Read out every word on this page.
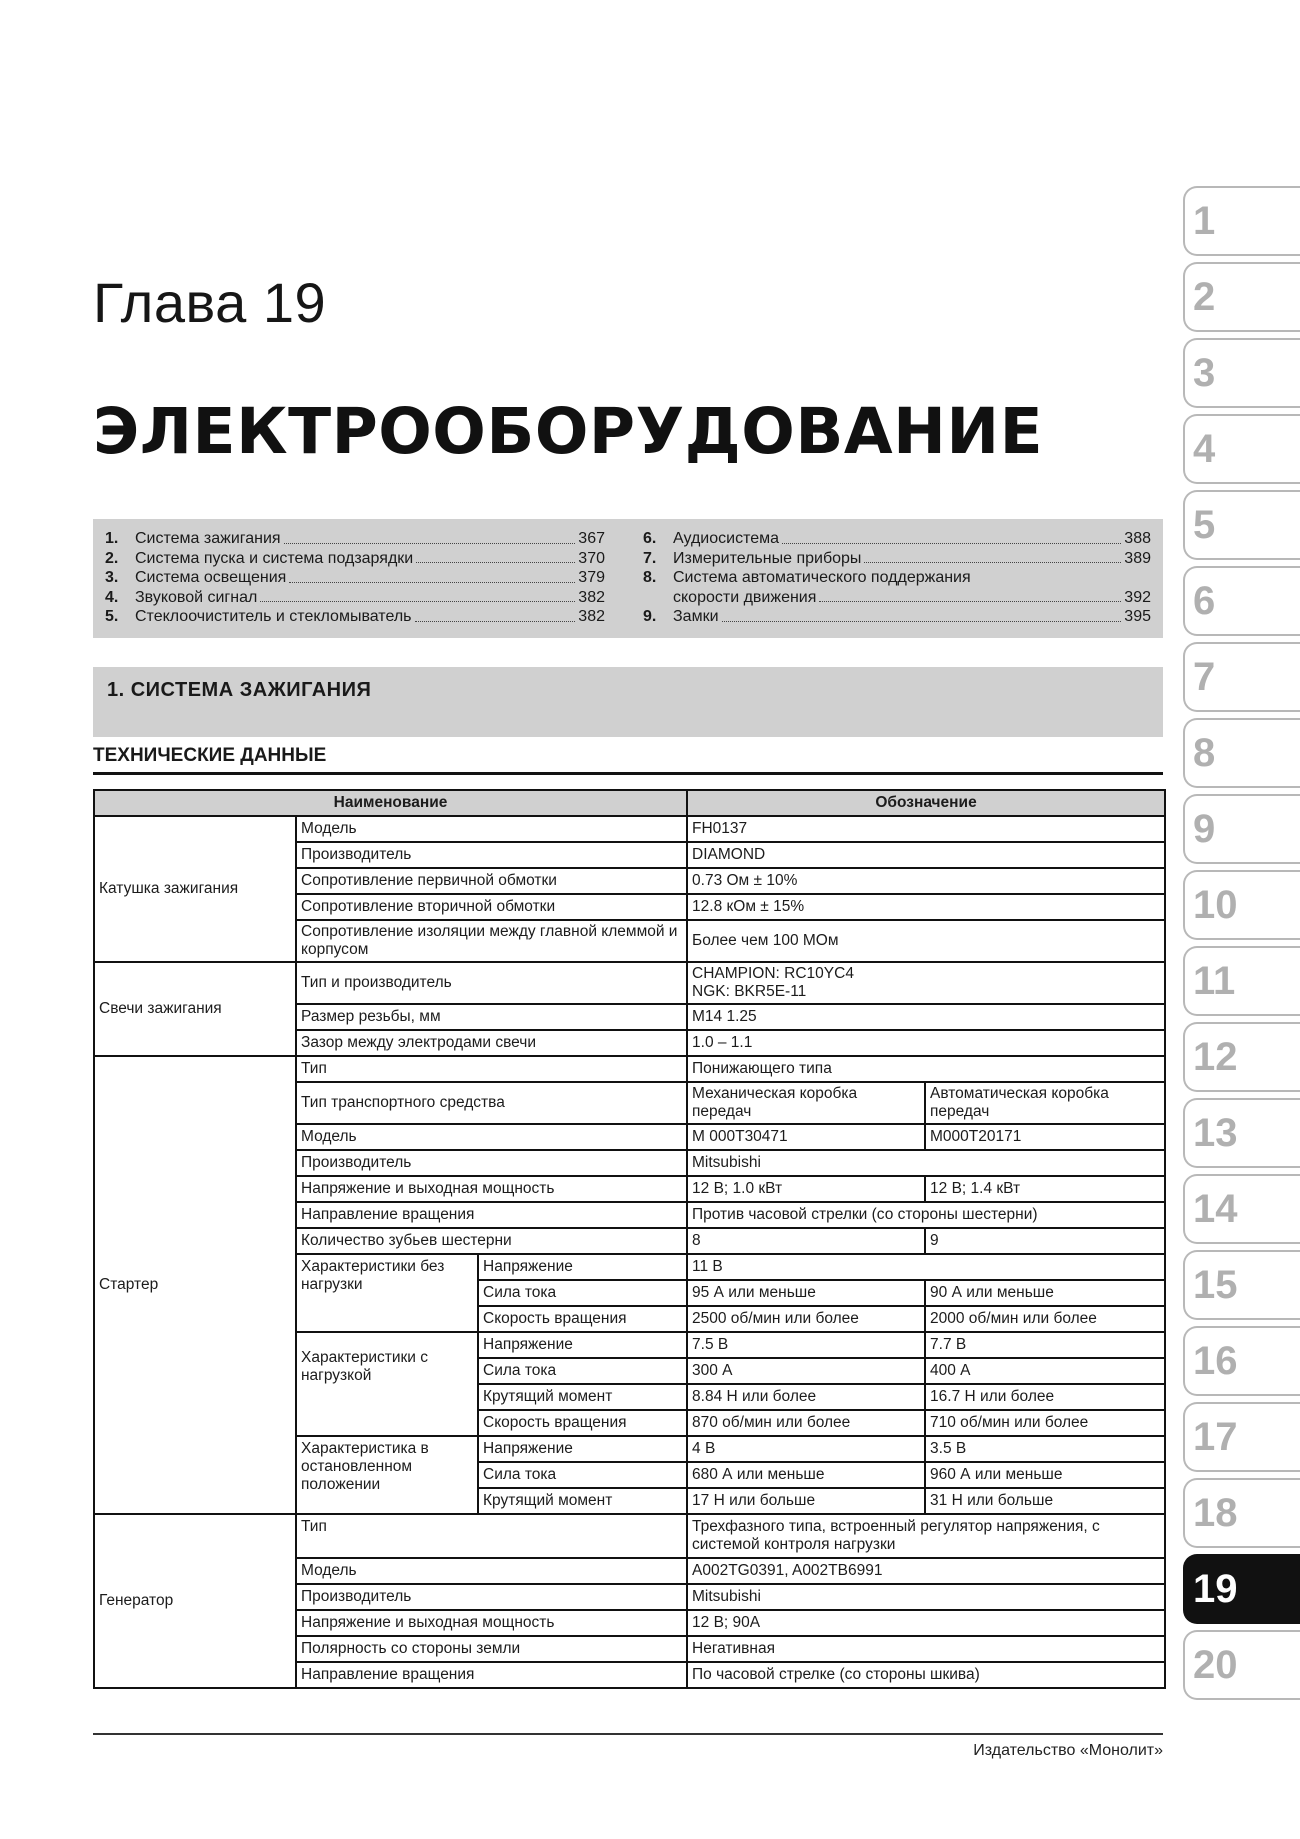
Глава 19
ЭЛЕКТРООБОРУДОВАНИЕ
1.	Система зажигания	367
2.	Система пуска и система подзарядки	370
3.	Система освещения	379
4.	Звуковой сигнал	382
5.	Стеклоочиститель и стекломыватель	382
6.	Аудиосистема	388
7.	Измерительные приборы	389
8.	Система автоматического поддержания
скорости движения	392
9.	Замки	395
1. СИСТЕМА ЗАЖИГАНИЯ
ТЕХНИЧЕСКИЕ ДАННЫЕ
Наименование			Обозначение	
Катушка зажигания	Модель		FH0137	
	Производитель		DIAMOND	
	Сопротивление первичной обмотки		0.73 Ом ± 10%	
	Сопротивление вторичной обмотки		12.8 кОм ± 15%	
	Сопротивление изоляции между главной клеммой и корпусом		Более чем 100 МОм	
Свечи зажигания	Тип и производитель		CHAMPION: RC10YC4
NGK: BKR5E-11	

	Размер резьбы, мм		M14 1.25	
	Зазор между электродами свечи		1.0 – 1.1	
Стартер	Тип		Понижающего типа	
	Тип транспортного средства		Механическая коробка передач	Автоматическая коробка передач
	Модель		M 000T30471	M000T20171
	Производитель		Mitsubishi	
	Напряжение и выходная мощность		12 В; 1.0 кВт	12 В; 1.4 кВт
	Направление вращения		Против часовой стрелки (со стороны шестерни)	
	Количество зубьев шестерни		8	9
	Характеристики без нагрузки	Напряжение	11 В	
		Сила тока	95 А или меньше	90 А или меньше
		Скорость вращения	2500 об/мин или более	2000 об/мин или более
	Характеристики с нагрузкой	Напряжение	7.5 В	7.7 В
		Сила тока	300 А	400 А
		Крутящий момент	8.84 Н или более	16.7 Н или более
		Скорость вращения	870 об/мин или более	710 об/мин или более
	Характеристика в остановленном положении	Напряжение	4 В	3.5 В
		Сила тока	680 А или меньше	960 А или меньше
		Крутящий момент	17 Н или больше	31 Н или больше
Генератор	Тип		Трехфазного типа, встроенный регулятор напряжения, с системой контроля нагрузки	
	Модель		A002TG0391, A002TB6991	
	Производитель		Mitsubishi	
	Напряжение и выходная мощность		12 В; 90А	
	Полярность со стороны земли		Негативная	
	Направление вращения		По часовой стрелке (со стороны шкива)	
1
2
3
4
5
6
7
8
9
10
11
12
13
14
15
16
17
18
19
20
Издательство «Монолит»
